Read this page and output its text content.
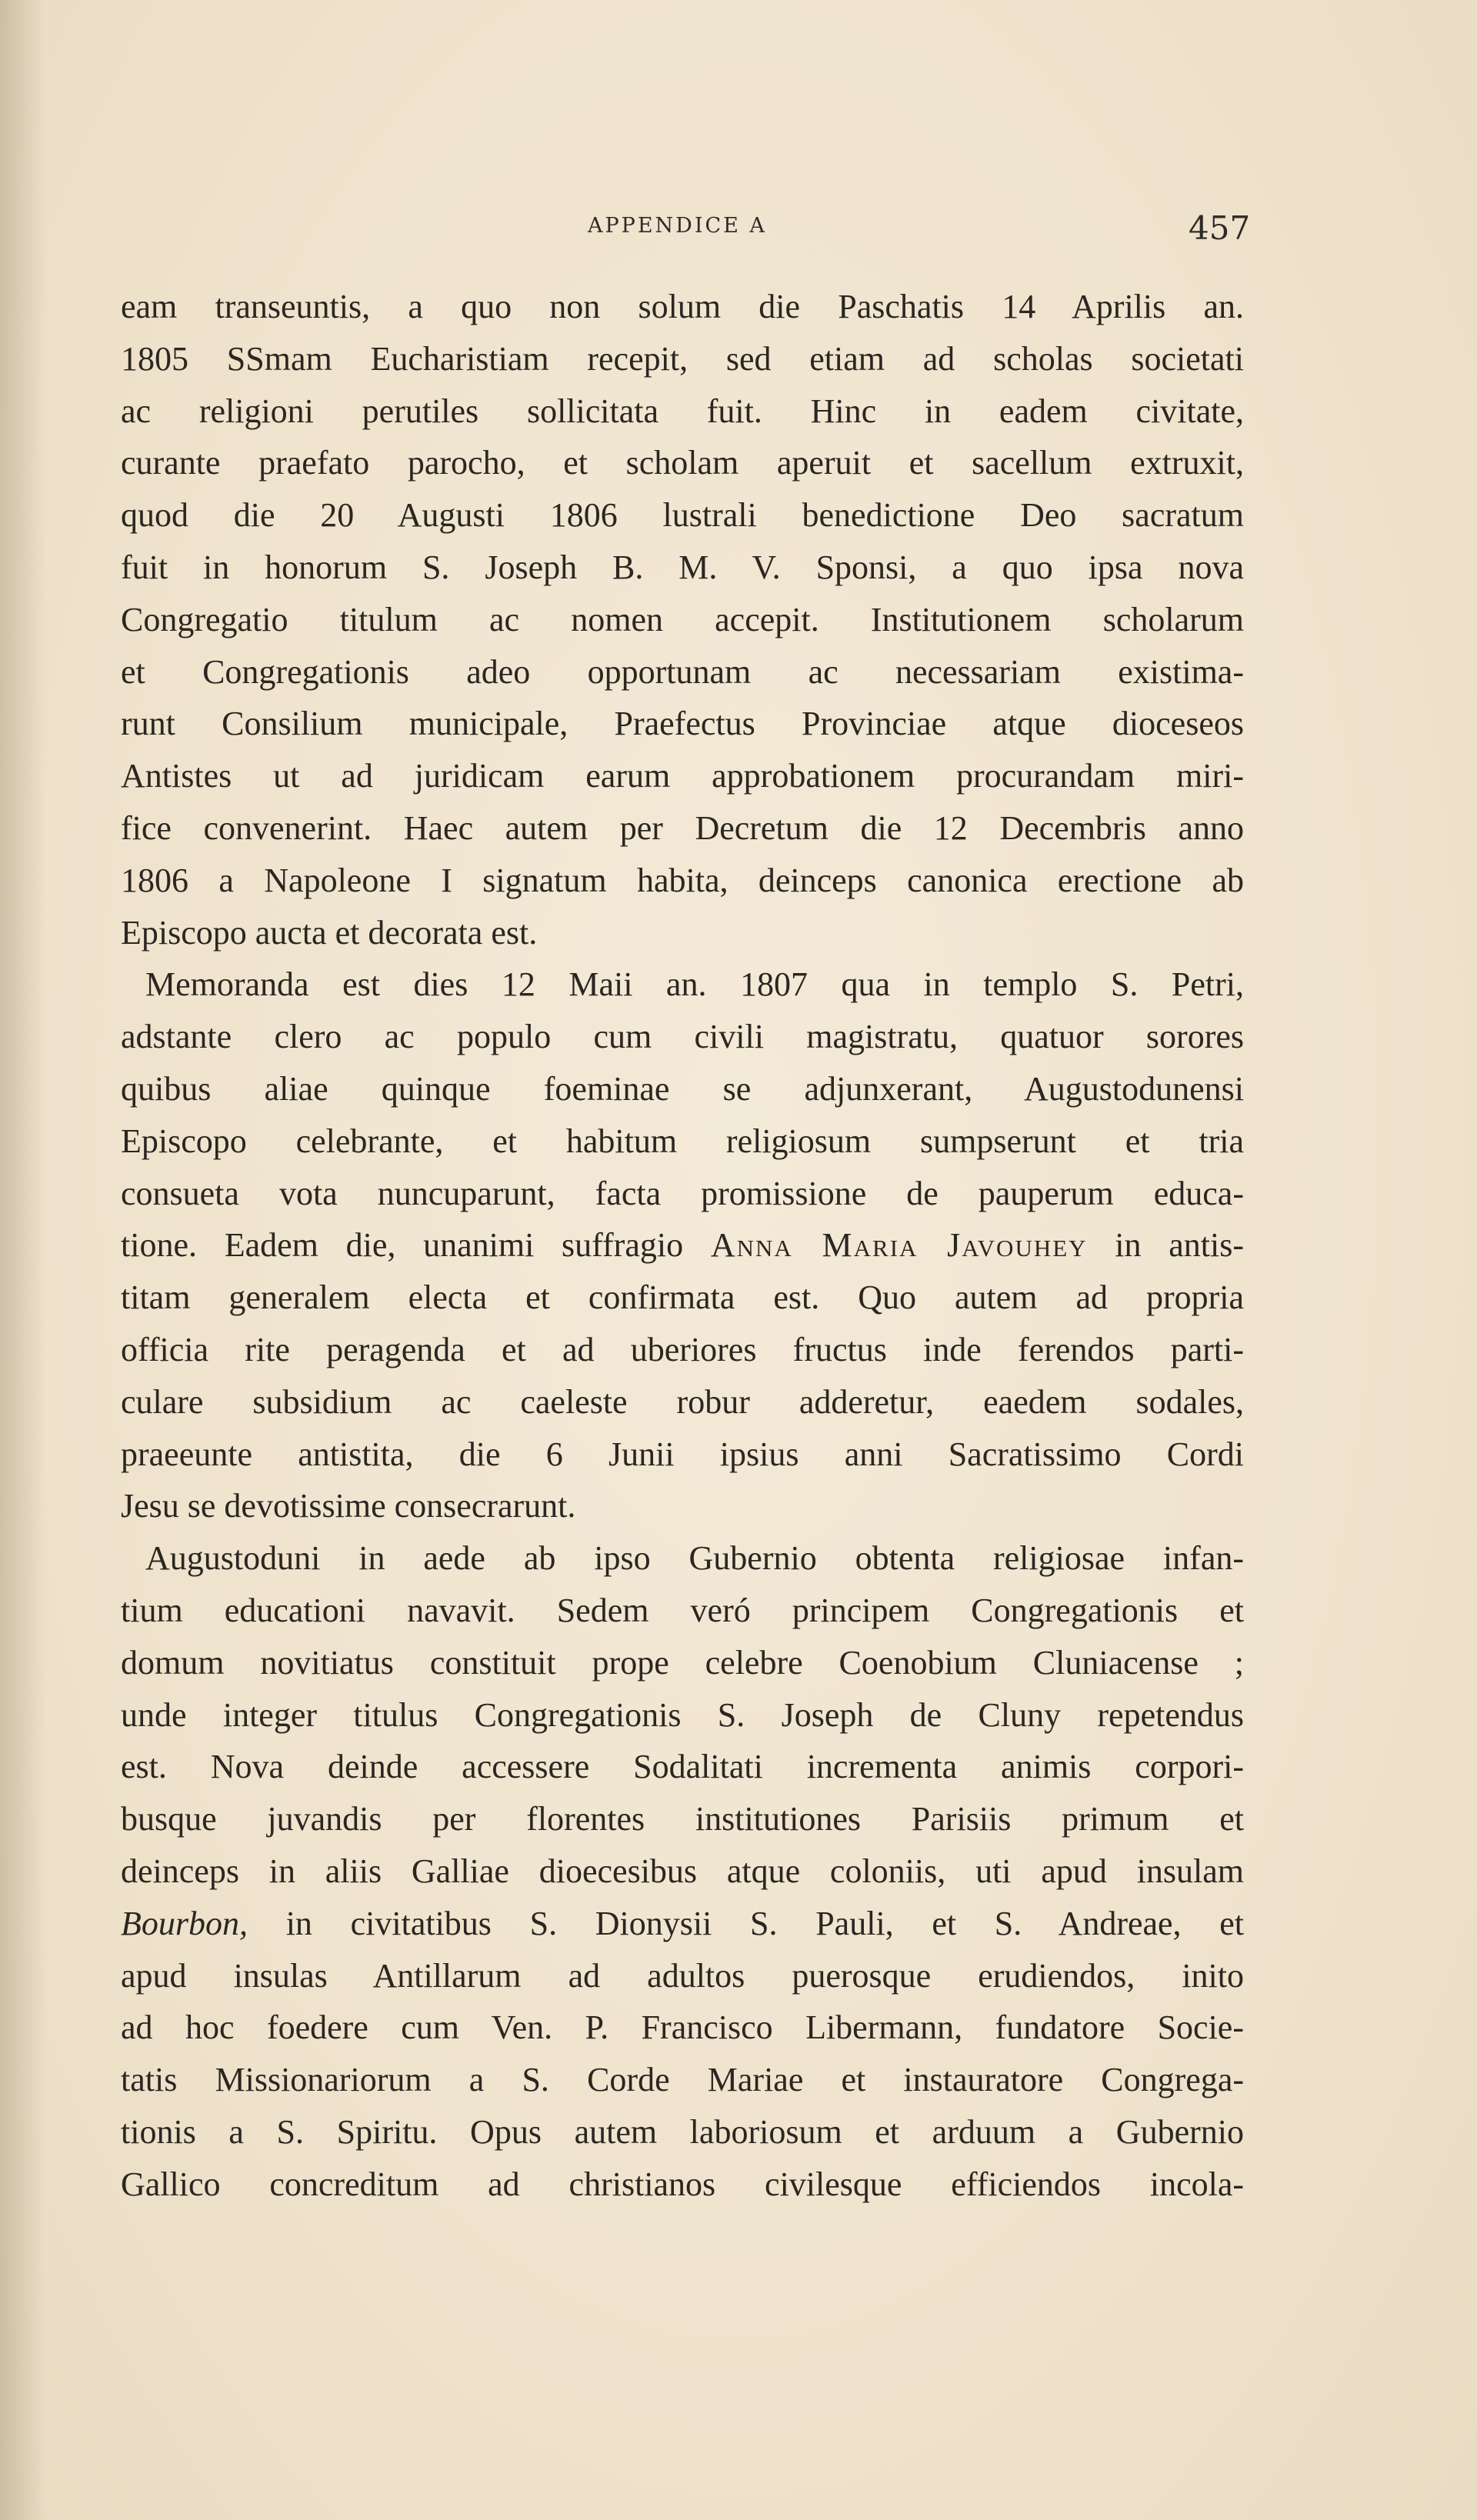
APPENDICE A	457
eam transeuntis, a quo non solum die Paschatis 14 Aprilis an.
1805 SSmam Eucharistiam recepit, sed etiam ad scholas societati
ac religioni perutiles sollicitata fuit. Hinc in eadem civitate,
curante praefato parocho, et scholam aperuit et sacellum extruxit,
quod die 20 Augusti 1806 lustrali benedictione Deo sacratum
fuit in honorum S. Joseph B. M. V. Sponsi, a quo ipsa nova
Congregatio titulum ac nomen accepit. Institutionem scholarum
et Congregationis adeo opportunam ac necessariam existima-
runt Consilium municipale, Praefectus Provinciae atque dioceseos
Antistes ut ad juridicam earum approbationem procurandam miri-
fice convenerint. Haec autem per Decretum die 12 Decembris anno
1806 a Napoleone I signatum habita, deinceps canonica erectione ab
Episcopo aucta et decorata est.
Memoranda est dies 12 Maii an. 1807 qua in templo S. Petri,
adstante clero ac populo cum civili magistratu, quatuor sorores
quibus aliae quinque foeminae se adjunxerant, Augustodunensi
Episcopo celebrante, et habitum religiosum sumpserunt et tria
consueta vota nuncuparunt, facta promissione de pauperum educa-
tione. Eadem die, unanimi suffragio Anna Maria Javouhey in antis-
titam generalem electa et confirmata est. Quo autem ad propria
officia rite peragenda et ad uberiores fructus inde ferendos parti-
culare subsidium ac caeleste robur adderetur, eaedem sodales,
praeeunte antistita, die 6 Junii ipsius anni Sacratissimo Cordi
Jesu se devotissime consecrarunt.
Augustoduni in aede ab ipso Gubernio obtenta religiosae infan-
tium educationi navavit. Sedem veró principem Congregationis et
domum novitiatus constituit prope celebre Coenobium Cluniacense ;
unde integer titulus Congregationis S. Joseph de Cluny repetendus
est. Nova deinde accessere Sodalitati incrementa animis corpori-
busque juvandis per florentes institutiones Parisiis primum et
deinceps in aliis Galliae dioecesibus atque coloniis, uti apud insulam
Bourbon, in civitatibus S. Dionysii S. Pauli, et S. Andreae, et
apud insulas Antillarum ad adultos puerosque erudiendos, inito
ad hoc foedere cum Ven. P. Francisco Libermann, fundatore Socie-
tatis Missionariorum a S. Corde Mariae et instauratore Congrega-
tionis a S. Spiritu. Opus autem laboriosum et arduum a Gubernio
Gallico concreditum ad christianos civilesque efficiendos incola-
